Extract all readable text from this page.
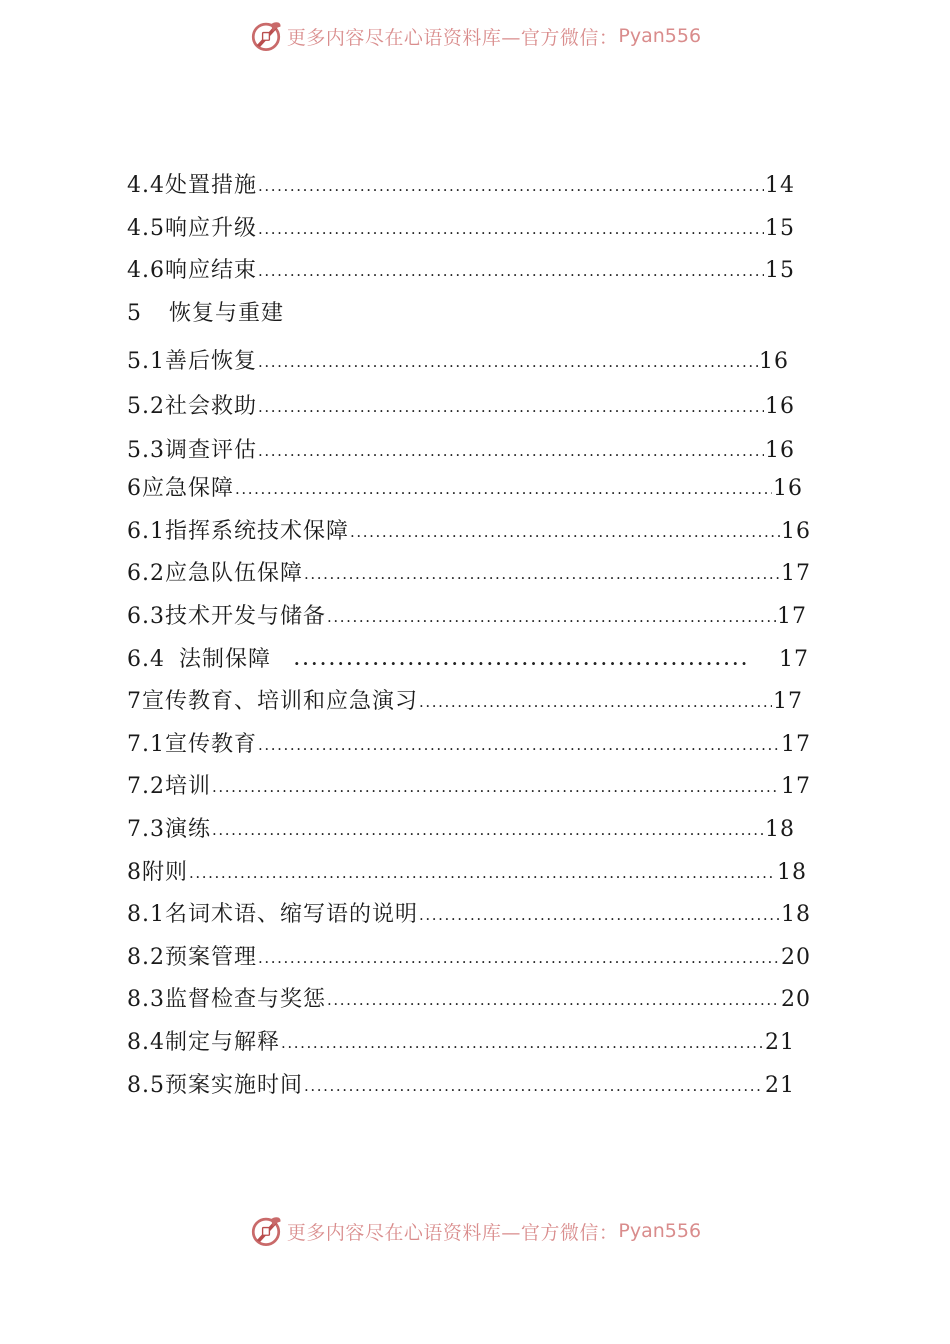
更多内容尽在心语资料库—官方微信： Pyan556
4.4 处置措施 .....	14
4.5 响应升级 .....	15
4.6 响应结束 .....	15
5	恢复与重建
5.1 善后恢复 .....	16
5.2 社会救助 .....	16
5.3 调查评估 .....	16
6 应急保障 .....	16
6.1 指挥系统技术保障 .....	16
6.2 应急队伍保障 .....	17
6.3 技术开发与储备 .....	17
6.4 法制保障 .....	17
7 宣传教育、培训和应急演习 .....	17
7.1 宣传教育 .....	17
7.2 培训 .....	17
7.3 演练 .....	18
8 附则 .....	18
8.1 名词术语、缩写语的说明 .....	18
8.2 预案管理 .....	20
8.3 监督检查与奖惩 .....	20
8.4 制定与解释 .....	21
8.5 预案实施时间 .....	21
更多内容尽在心语资料库—官方微信： Pyan556
